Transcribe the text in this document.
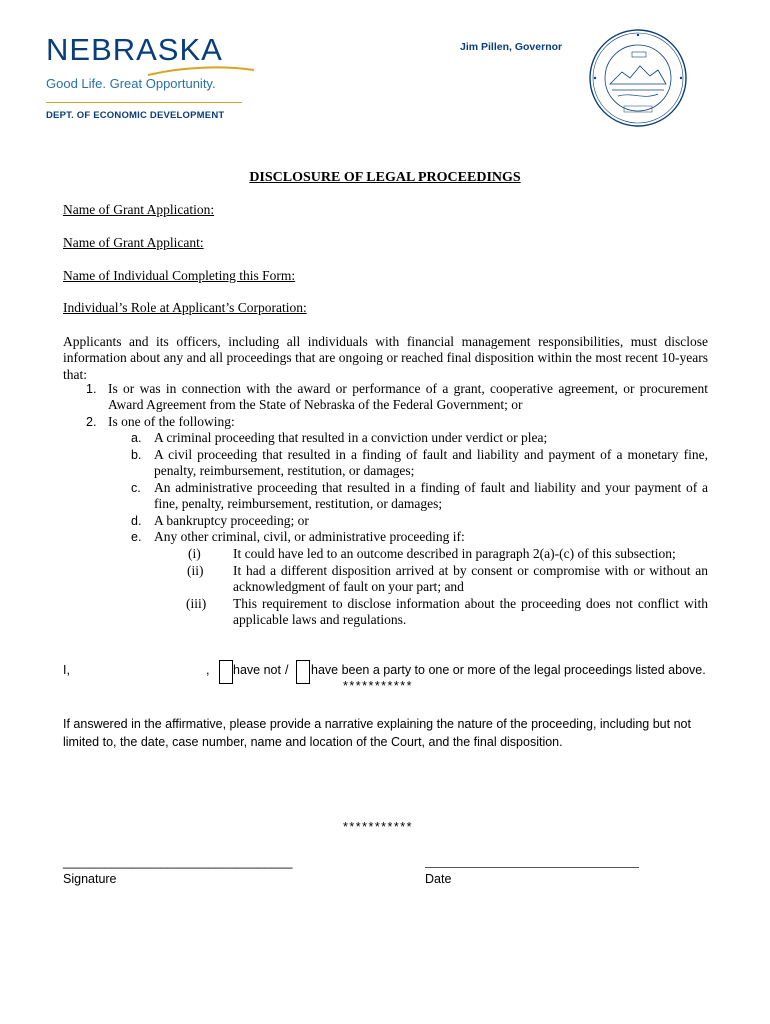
NEBRASKA
Good Life. Great Opportunity.
DEPT. OF ECONOMIC DEVELOPMENT
Jim Pillen, Governor
DISCLOSURE OF LEGAL PROCEEDINGS
Name of Grant Application:
Name of Grant Applicant:
Name of Individual Completing this Form:
Individual’s Role at Applicant’s Corporation:
Applicants and its officers, including all individuals with financial management responsibilities, must disclose information about any and all proceedings that are ongoing or reached final disposition within the most recent 10-years that:
1. Is or was in connection with the award or performance of a grant, cooperative agreement, or procurement Award Agreement from the State of Nebraska of the Federal Government; or
2. Is one of the following:
a. A criminal proceeding that resulted in a conviction under verdict or plea;
b. A civil proceeding that resulted in a finding of fault and liability and payment of a monetary fine, penalty, reimbursement, restitution, or damages;
c. An administrative proceeding that resulted in a finding of fault and liability and your payment of a fine, penalty, reimbursement, restitution, or damages;
d. A bankruptcy proceeding; or
e. Any other criminal, civil, or administrative proceeding if:
(i) It could have led to an outcome described in paragraph 2(a)-(c) of this subsection;
(ii) It had a different disposition arrived at by consent or compromise with or without an acknowledgment of fault on your part; and
(iii) This requirement to disclose information about the proceeding does not conflict with applicable laws and regulations.
I,	, have not / have been a party to one or more of the legal proceedings listed above.
***********
If answered in the affirmative, please provide a narrative explaining the nature of the proceeding, including but not limited to, the date, case number, name and location of the Court, and the final disposition.
***********
_________________________________
Signature	Date
